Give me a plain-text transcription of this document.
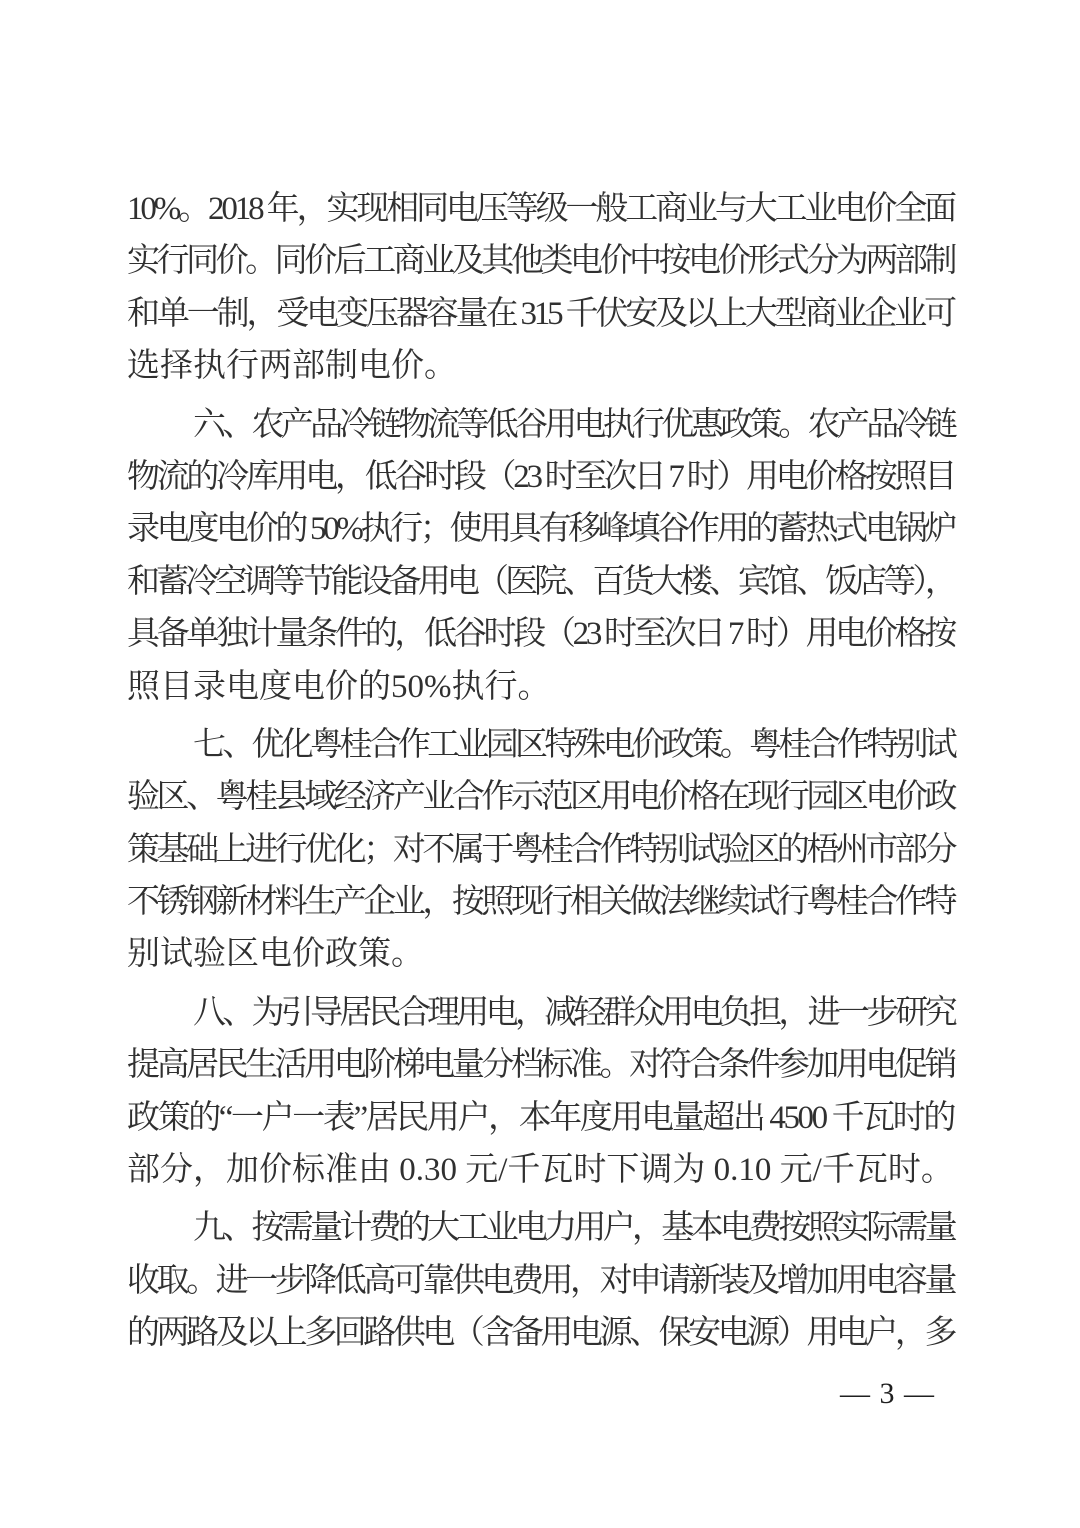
10%。2018 年，实现相同电压等级一般工商业与大工业电价全面
实行同价。同价后工商业及其他类电价中按电价形式分为两部制
和单一制，受电变压器容量在 315 千伏安及以上大型商业企业可
选择执行两部制电价。
六、农产品冷链物流等低谷用电执行优惠政策。农产品冷链
物流的冷库用电，低谷时段（23 时至次日 7 时）用电价格按照目
录电度电价的 50%执行；使用具有移峰填谷作用的蓄热式电锅炉
和蓄冷空调等节能设备用电（医院、百货大楼、宾馆、饭店等），
具备单独计量条件的，低谷时段（23 时至次日 7 时）用电价格按
照目录电度电价的50%执行。
七、优化粤桂合作工业园区特殊电价政策。粤桂合作特别试
验区、粤桂县域经济产业合作示范区用电价格在现行园区电价政
策基础上进行优化；对不属于粤桂合作特别试验区的梧州市部分
不锈钢新材料生产企业，按照现行相关做法继续试行粤桂合作特
别试验区电价政策。
八、为引导居民合理用电，减轻群众用电负担，进一步研究
提高居民生活用电阶梯电量分档标准。对符合条件参加用电促销
政策的“一户一表”居民用户，本年度用电量超出 4500 千瓦时的
部分，加价标准由 0.30 元/千瓦时下调为 0.10 元/千瓦时。
九、按需量计费的大工业电力用户，基本电费按照实际需量
收取。进一步降低高可靠供电费用，对申请新装及增加用电容量
的两路及以上多回路供电（含备用电源、保安电源）用电户，多
— 3 —
